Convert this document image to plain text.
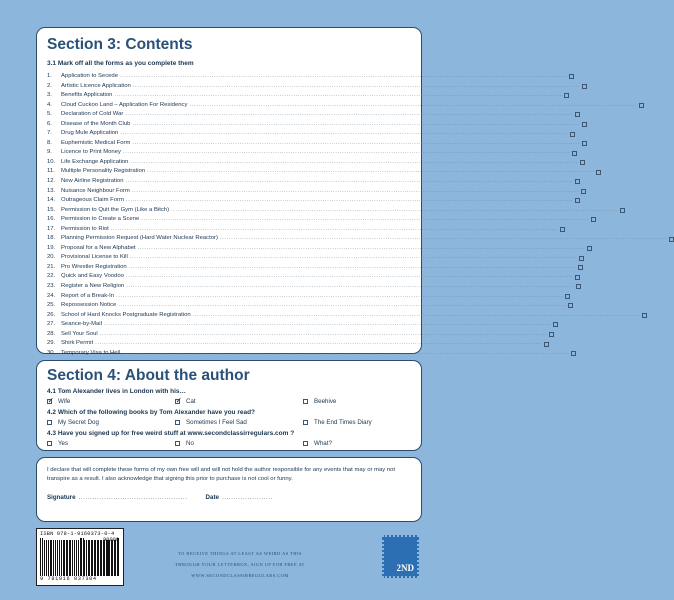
Section 3: Contents
3.1 Mark off all the forms as you complete them
1.	Application to Secede ........................................................................................................................................................................................................
2.	Artistic Licence Application ........................................................................................................................................................................................................
3.	Benefits Application ........................................................................................................................................................................................................
4.	Cloud Cuckoo Land – Application For Residency ........................................................................................................................................................................................................
5.	Declaration of Cold War ........................................................................................................................................................................................................
6.	Disease of the Month Club ........................................................................................................................................................................................................
7.	Drug Mule Application ........................................................................................................................................................................................................
8.	Euphemistic Medical Form ........................................................................................................................................................................................................
9.	Licence to Print Money ........................................................................................................................................................................................................
10. Life Exchange Application ........................................................................................................................................................................................................
11.	Multiple Personality Registration ........................................................................................................................................................................................................
12. New Airline Registration ........................................................................................................................................................................................................
13. Nuisance Neighbour Form ........................................................................................................................................................................................................
14. Outrageous Claim Form ........................................................................................................................................................................................................
15. Permission to Quit the Gym (Like a Bitch) ........................................................................................................................................................................................................
16. Permission to Create a Scene ........................................................................................................................................................................................................
17. Permission to Riot ........................................................................................................................................................................................................
18. Planning Permission Request (Hard Water Nuclear Reactor) ........................................................................................................................................................................................................
19. Proposal for a New Alphabet ........................................................................................................................................................................................................
20. Provisional License to Kill ........................................................................................................................................................................................................
21. Pro Wrestler Registration ........................................................................................................................................................................................................
22. Quick and Easy Voodoo ........................................................................................................................................................................................................
23. Register a New Religion ........................................................................................................................................................................................................
24. Report of a Break-In ........................................................................................................................................................................................................
25. Repossession Notice ........................................................................................................................................................................................................
26. School of Hard Knocks Postgraduate Registration ........................................................................................................................................................................................................
27. Seance-by-Mail ........................................................................................................................................................................................................
28. Sell Your Soul ........................................................................................................................................................................................................
29. Shirk Permit ........................................................................................................................................................................................................
30. Temporary Visa to Hell ........................................................................................................................................................................................................
Section 4: About the author
4.1 Tom Alexander lives in London with his…
✓
Wife
✓	Cat	Beehive
4.2 Which of the following books by Tom Alexander have you read?
My Secret Dog	Sometimes I Feel Sad	The End Times Diary
4.3 Have you signed up for free weird stuff at www.secondclassirregulars.com ?
Yes	No	What?

I declare that will complete these forms of my own free will and will not hold the author responsible for any events that may or may not transpire as a result. I also acknowledge that signing this prior to purchase is not cool or funny.

Signature ...............................................	Date ......................
ISBN 978-1-9160373-0-4
90000
9 781916 037304
TO RECEIVE THINGS AT LEAST AS WEIRD AS THIS
THROUGH YOUR LETTERBOX, SIGN UP FOR FREE AT
WWW.SECONDCLASSIRREGULARS.COM
2ND
